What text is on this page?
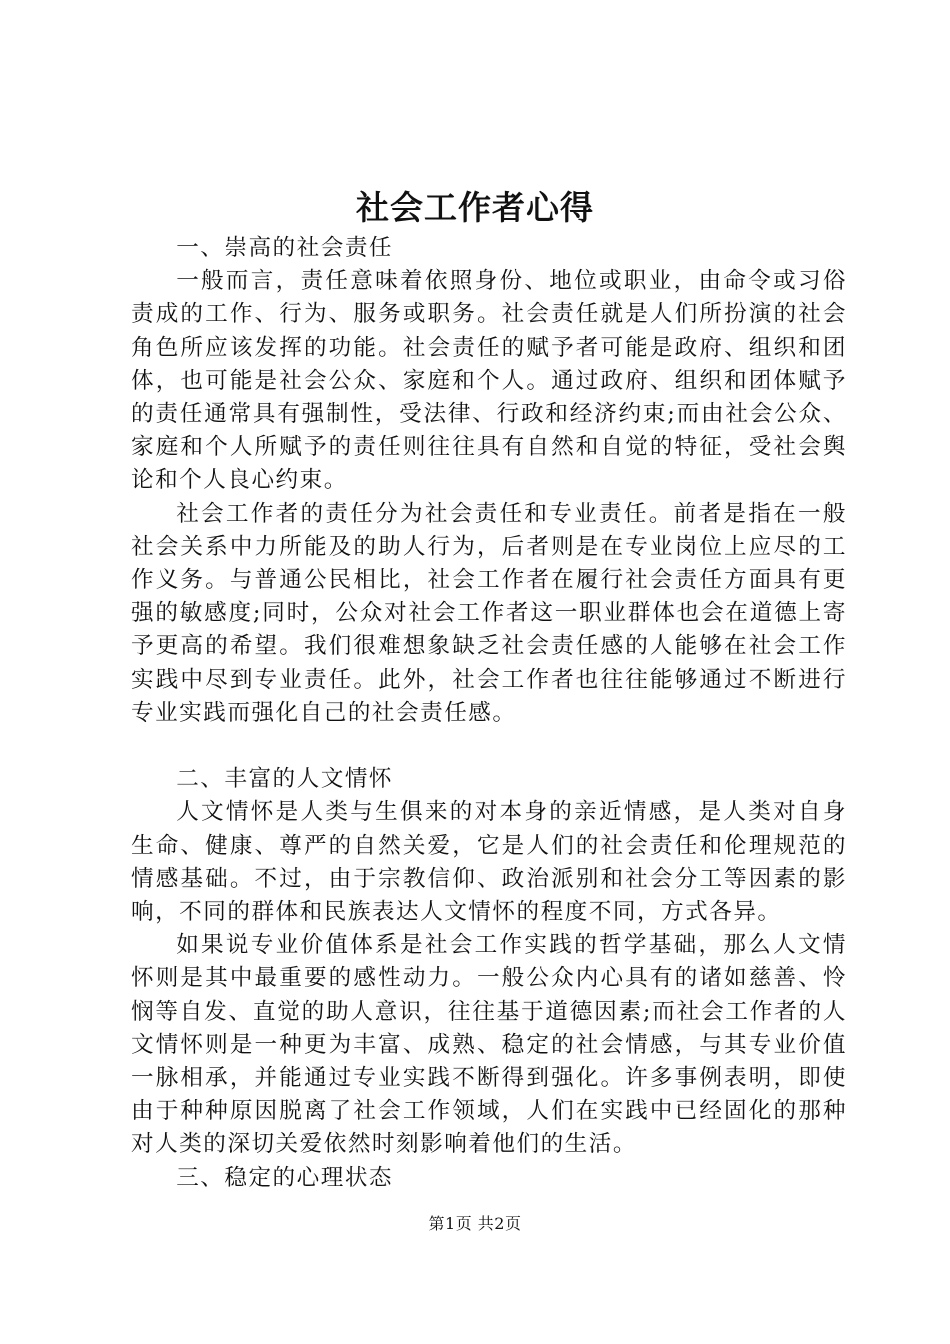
社会工作者心得

一、崇高的社会责任

一般而言，责任意味着依照身份、地位或职业，由命令或习俗责成的工作、行为、服务或职务。社会责任就是人们所扮演的社会角色所应该发挥的功能。社会责任的赋予者可能是政府、组织和团体，也可能是社会公众、家庭和个人。通过政府、组织和团体赋予的责任通常具有强制性，受法律、行政和经济约束;而由社会公众、家庭和个人所赋予的责任则往往具有自然和自觉的特征，受社会舆论和个人良心约束。

社会工作者的责任分为社会责任和专业责任。前者是指在一般社会关系中力所能及的助人行为，后者则是在专业岗位上应尽的工作义务。与普通公民相比，社会工作者在履行社会责任方面具有更强的敏感度;同时，公众对社会工作者这一职业群体也会在道德上寄予更高的希望。我们很难想象缺乏社会责任感的人能够在社会工作实践中尽到专业责任。此外，社会工作者也往往能够通过不断进行专业实践而强化自己的社会责任感。

二、丰富的人文情怀

人文情怀是人类与生俱来的对本身的亲近情感，是人类对自身生命、健康、尊严的自然关爱，它是人们的社会责任和伦理规范的情感基础。不过，由于宗教信仰、政治派别和社会分工等因素的影响，不同的群体和民族表达人文情怀的程度不同，方式各异。

如果说专业价值体系是社会工作实践的哲学基础，那么人文情怀则是其中最重要的感性动力。一般公众内心具有的诸如慈善、怜悯等自发、直觉的助人意识，往往基于道德因素;而社会工作者的人文情怀则是一种更为丰富、成熟、稳定的社会情感，与其专业价值一脉相承，并能通过专业实践不断得到强化。许多事例表明，即使由于种种原因脱离了社会工作领域，人们在实践中已经固化的那种对人类的深切关爱依然时刻影响着他们的生活。

三、稳定的心理状态

第1页 共2页
